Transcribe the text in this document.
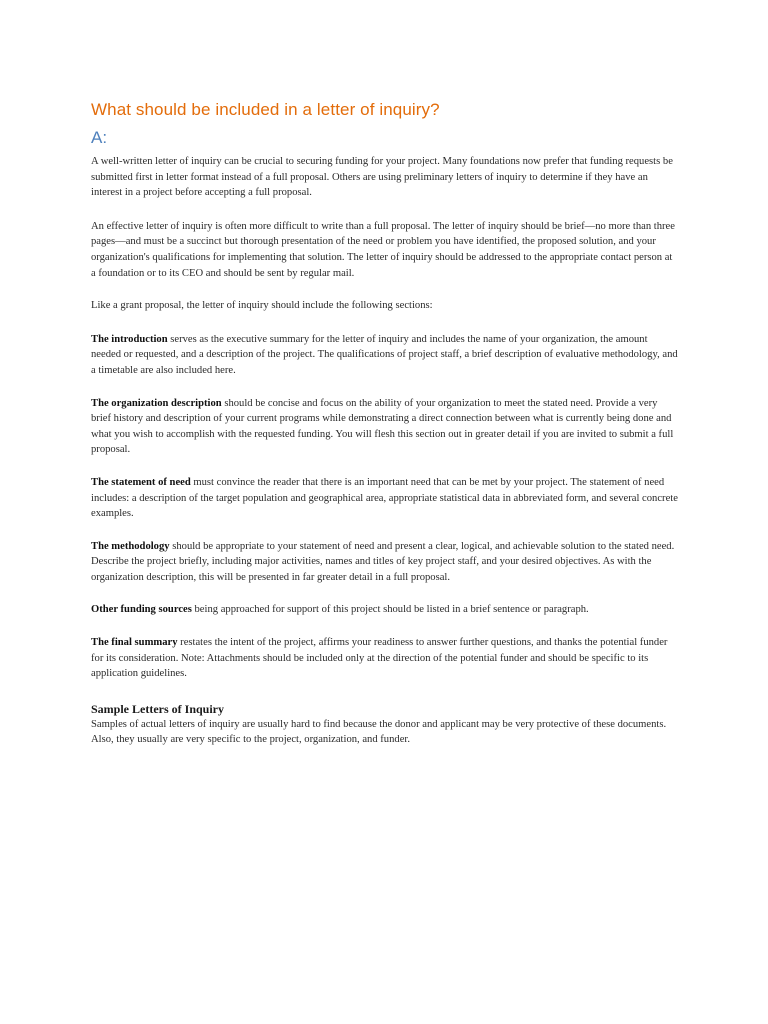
What should be included in a letter of inquiry?
A:

A well-written letter of inquiry can be crucial to securing funding for your project. Many foundations now prefer that funding requests be submitted first in letter format instead of a full proposal. Others are using preliminary letters of inquiry to determine if they have an interest in a project before accepting a full proposal.

An effective letter of inquiry is often more difficult to write than a full proposal. The letter of inquiry should be brief—no more than three pages—and must be a succinct but thorough presentation of the need or problem you have identified, the proposed solution, and your organization's qualifications for implementing that solution. The letter of inquiry should be addressed to the appropriate contact person at a foundation or to its CEO and should be sent by regular mail.

Like a grant proposal, the letter of inquiry should include the following sections:

The introduction serves as the executive summary for the letter of inquiry and includes the name of your organization, the amount needed or requested, and a description of the project. The qualifications of project staff, a brief description of evaluative methodology, and a timetable are also included here.

The organization description should be concise and focus on the ability of your organization to meet the stated need. Provide a very brief history and description of your current programs while demonstrating a direct connection between what is currently being done and what you wish to accomplish with the requested funding. You will flesh this section out in greater detail if you are invited to submit a full proposal.

The statement of need must convince the reader that there is an important need that can be met by your project. The statement of need includes: a description of the target population and geographical area, appropriate statistical data in abbreviated form, and several concrete examples.

The methodology should be appropriate to your statement of need and present a clear, logical, and achievable solution to the stated need. Describe the project briefly, including major activities, names and titles of key project staff, and your desired objectives. As with the organization description, this will be presented in far greater detail in a full proposal.

Other funding sources being approached for support of this project should be listed in a brief sentence or paragraph.

The final summary restates the intent of the project, affirms your readiness to answer further questions, and thanks the potential funder for its consideration. Note: Attachments should be included only at the direction of the potential funder and should be specific to its application guidelines.

Sample Letters of Inquiry

Samples of actual letters of inquiry are usually hard to find because the donor and applicant may be very protective of these documents. Also, they usually are very specific to the project, organization, and funder.
